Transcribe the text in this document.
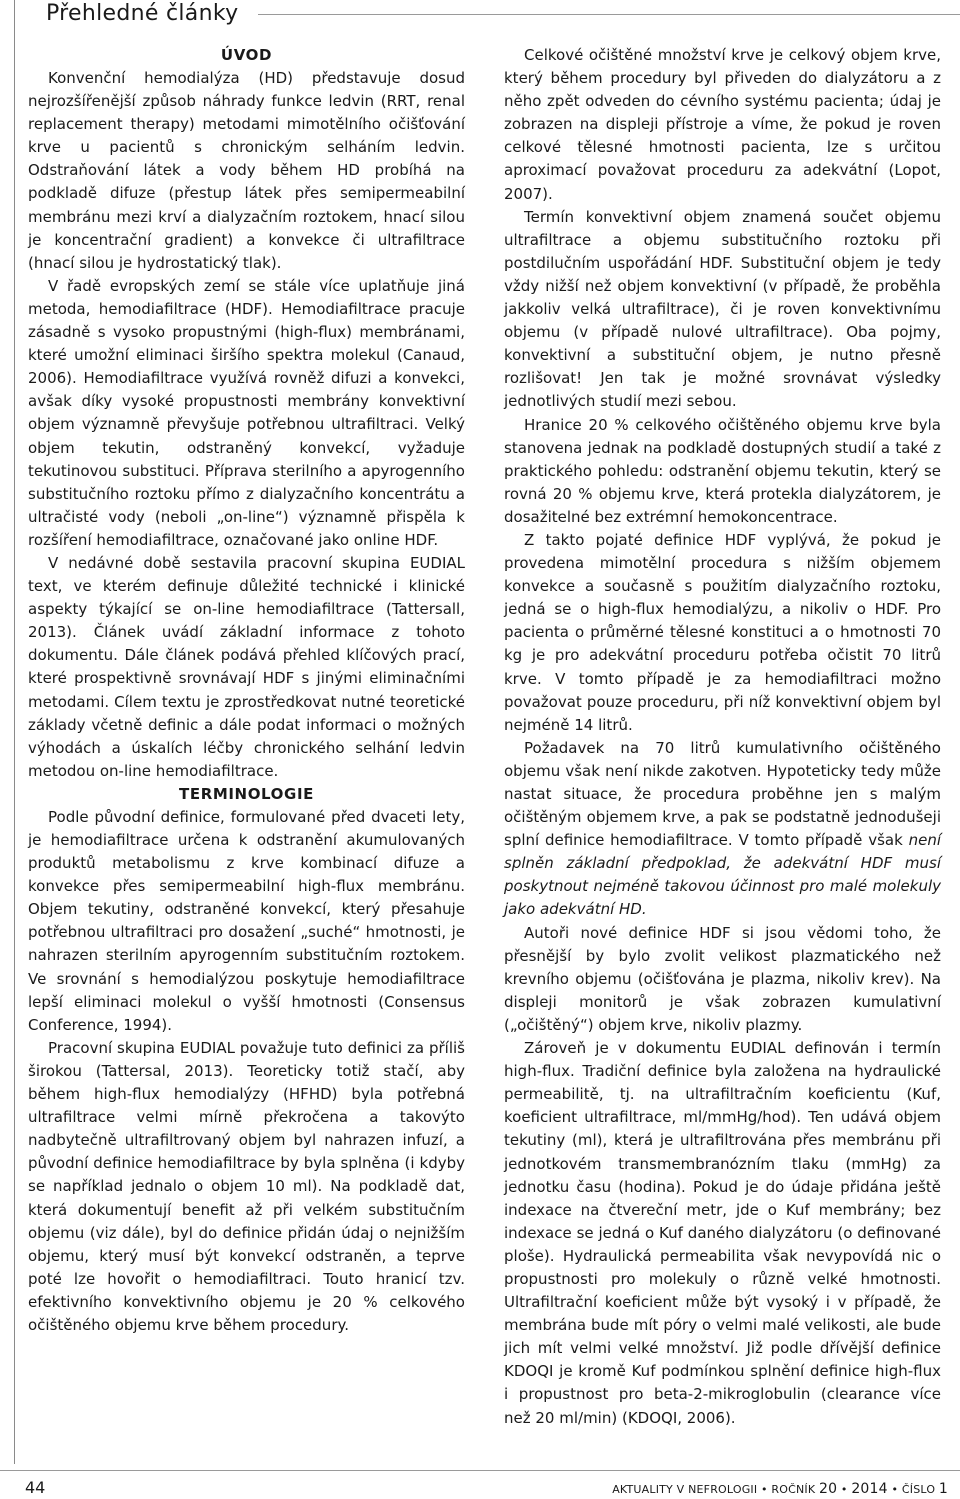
Přehledné články
ÚVOD

Konvenční hemodialýza (HD) představuje dosud nejrozšířenější způsob náhrady funkce ledvin (RRT, renal replacement therapy) metodami mimotělního očišťování krve u pacientů s chronickým selháním ledvin. Odstraňování látek a vody během HD probíhá na podkladě difuze (přestup látek přes semipermeabilní membránu mezi krví a dialyzačním roztokem, hnací silou je koncentrační gradient) a konvekce či ultrafiltrace (hnací silou je hydrostatický tlak).

V řadě evropských zemí se stále více uplatňuje jiná metoda, hemodiafiltrace (HDF). Hemodiafiltrace pracuje zásadně s vysoko propustnými (high-flux) membránami, které umožní eliminaci širšího spektra molekul (Canaud, 2006). Hemodiafiltrace využívá rovněž difuzi a konvekci, avšak díky vysoké propustnosti membrány konvektivní objem významně převyšuje potřebnou ultrafiltraci. Velký objem tekutin, odstraněný konvekcí, vyžaduje tekutinovou substituci. Příprava sterilního a apyrogenního substitučního roztoku přímo z dialyzačního koncentrátu a ultračisté vody (neboli „on-line“) významně přispěla k rozšíření hemodiafiltrace, označované jako online HDF.

V nedávné době sestavila pracovní skupina EUDIAL text, ve kterém definuje důležité technické i klinické aspekty týkající se on-line hemodiafiltrace (Tattersall, 2013). Článek uvádí základní informace z tohoto dokumentu. Dále článek podává přehled klíčových prací, které prospektivně srovnávají HDF s jinými eliminačními metodami. Cílem textu je zprostředkovat nutné teoretické základy včetně definic a dále podat informaci o možných výhodách a úskalích léčby chronického selhání ledvin metodou on-line hemodiafiltrace.

TERMINOLOGIE

Podle původní definice, formulované před dvaceti lety, je hemodiafiltrace určena k odstranění akumulovaných produktů metabolismu z krve kombinací difuze a konvekce přes semipermeabilní high-flux membránu. Objem tekutiny, odstraněné konvekcí, který přesahuje potřebnou ultrafiltraci pro dosažení „suché“ hmotnosti, je nahrazen sterilním apyrogenním substitučním roztokem. Ve srovnání s hemodialýzou poskytuje hemodiafiltrace lepší eliminaci molekul o vyšší hmotnosti (Consensus Conference, 1994).

Pracovní skupina EUDIAL považuje tuto definici za příliš širokou (Tattersal, 2013). Teoreticky totiž stačí, aby během high-flux hemodialýzy (HFHD) byla potřebná ultrafiltrace velmi mírně překročena a takovýto nadbytečně ultrafiltrovaný objem byl nahrazen infuzí, a původní definice hemodiafiltrace by byla splněna (i kdyby se například jednalo o objem 10 ml). Na podkladě dat, která dokumentují benefit až při velkém substitučním objemu (viz dále), byl do definice přidán údaj o nejnižším objemu, který musí být konvekcí odstraněn, a teprve poté lze hovořit o hemodiafiltraci. Touto hranicí tzv. efektivního konvektivního objemu je 20 % celkového očištěného objemu krve během procedury.

Celkové očištěné množství krve je celkový objem krve, který během procedury byl přiveden do dialyzátoru a z něho zpět odveden do cévního systému pacienta; údaj je zobrazen na displeji přístroje a víme, že pokud je roven celkové tělesné hmotnosti pacienta, lze s určitou aproximací považovat proceduru za adekvátní (Lopot, 2007).

Termín konvektivní objem znamená součet objemu ultrafiltrace a objemu substitučního roztoku při postdilučním uspořádání HDF. Substituční objem je tedy vždy nižší než objem konvektivní (v případě, že proběhla jakkoliv velká ultrafiltrace), či je roven konvektivnímu objemu (v případě nulové ultrafiltrace). Oba pojmy, konvektivní a substituční objem, je nutno přesně rozlišovat! Jen tak je možné srovnávat výsledky jednotlivých studií mezi sebou.

Hranice 20 % celkového očištěného objemu krve byla stanovena jednak na podkladě dostupných studií a také z praktického pohledu: odstranění objemu tekutin, který se rovná 20 % objemu krve, která protekla dialyzátorem, je dosažitelné bez extrémní hemokoncentrace.

Z takto pojaté definice HDF vyplývá, že pokud je provedena mimotělní procedura s nižším objemem konvekce a současně s použitím dialyzačního roztoku, jedná se o high-flux hemodialýzu, a nikoliv o HDF. Pro pacienta o průměrné tělesné konstituci a o hmotnosti 70 kg je pro adekvátní proceduru potřeba očistit 70 litrů krve. V tomto případě je za hemodiafiltraci možno považovat pouze proceduru, při níž konvektivní objem byl nejméně 14 litrů.

Požadavek na 70 litrů kumulativního očištěného objemu však není nikde zakotven. Hypoteticky tedy může nastat situace, že procedura proběhne jen s malým očištěným objemem krve, a pak se podstatně jednodušeji splní definice hemodiafiltrace. V tomto případě však není splněn základní předpoklad, že adekvátní HDF musí poskytnout nejméně takovou účinnost pro malé molekuly jako adekvátní HD.

Autoři nové definice HDF si jsou vědomi toho, že přesnější by bylo zvolit velikost plazmatického než krevního objemu (očišťována je plazma, nikoliv krev). Na displeji monitorů je však zobrazen kumulativní („očištěný“) objem krve, nikoliv plazmy.

Zároveň je v dokumentu EUDIAL definován i termín high-flux. Tradiční definice byla založena na hydraulické permeabilitě, tj. na ultrafiltračním koeficientu (Kuf, koeficient ultrafiltrace, ml/mmHg/hod). Ten udává objem tekutiny (ml), která je ultrafiltrována přes membránu při jednotkovém transmembranózním tlaku (mmHg) za jednotku času (hodina). Pokud je do údaje přidána ještě indexace na čtvereční metr, jde o Kuf membrány; bez indexace se jedná o Kuf daného dialyzátoru (o definované ploše). Hydraulická permeabilita však nevypovídá nic o propustnosti pro molekuly o různě velké hmotnosti. Ultrafiltrační koeficient může být vysoký i v případě, že membrána bude mít póry o velmi malé velikosti, ale bude jich mít velmi velké množství. Již podle dřívější definice KDOQI je kromě Kuf podmínkou splnění definice high-flux i propustnost pro beta-2-mikroglobulin (clearance více než 20 ml/min) (KDOQI, 2006).

44	AKTUALITY V NEFROLOGII • ROČNÍK 20 • 2014 • ČÍSLO 1
